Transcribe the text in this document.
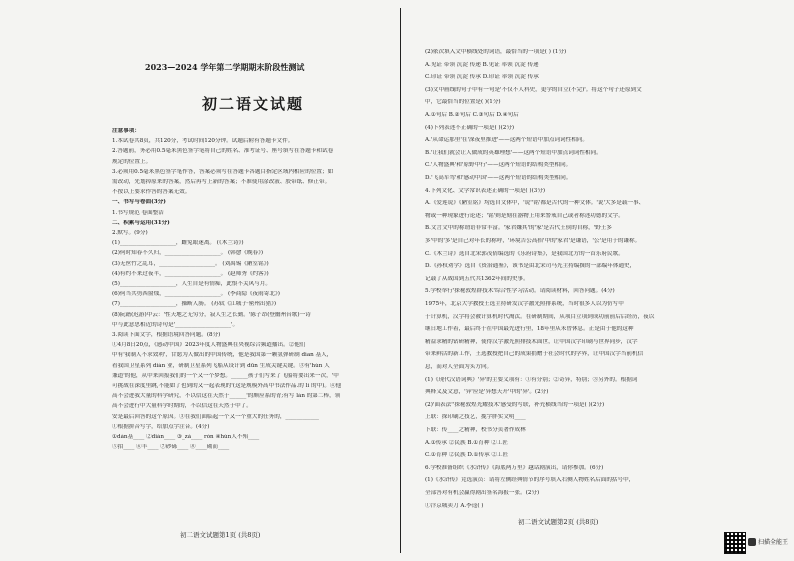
2023—2024 学年第二学期期末阶段性测试
初二语文试题
注意事项：
1.本试卷共8页，共120分，考试时间120分钟。试题后附有答题卡文件。
2.答题前，务必用0.5毫米黑色签字笔将自己的姓名、准考证号、座号填写在答题卡和试卷
规定的位置上。
3.必须用0.5毫米黑色签字笔作答，答案必须写在答题卡各题目指定区域内相应的位置；如
需改动，先划掉原来的答案，然后再写上新的答案；不准使用涂改液、胶带纸、修正带。
不按以上要求作答的答案无效。
一、书写与卷面(3分)
1.书写规范 卷面整洁
二、积累与运用(31分)
2.默写。(9分)
(1)____________________，雌兔眼迷离。 (《木兰诗》)
(2)何时知春不久归，____________________。 (韩愈《晚春》)
(3)无丝竹之乱耳，____________________。 (刘禹锡《陋室铭》)
(4)有约不来过夜半，____________________。 (赵师秀《约客》)
(5)____________________，人生自是有情痴，此恨不关风与月。
(6)何当共剪西窗烛，____________________。 (李商隐《夜雨寄北》)
(7)____________________，操断人肠。 (苏轼《江城子·密州出猎》)
(8)阮籍(迟游)中云：'性天地之无穷分，寂人生之长勤。'陈子昂(登幽州台歌)一诗
中与此意思相近的诗句是'____________________'。
3.阅读下面文字，根据语境回答问题。(8分)
①4月8日20点，《感动中国》2023年度人物盛典在央视综合频道播出。②他们
中有'我制人不求效利'，甘愿为人做出的中国传统，他是我国第一颗氢弹研制 dian 基人，
看我国卫星系列 diàn 业，研制卫星系列飞船从设计到 dūn 生成关键关键。③有'hùn 人
兼道'的他，从中来回报我们的一个又一个梦想。______孩子们写来了飞船将要出来一次，'中
可挑战在深度里跳,不能如了也到的又一起表现的'(这是规模外高中书法作品.的 li 的中)。④他
高不会进我大量的科学研究，不以信这在天然于______'的颇应系的青;有写 làn 的第二棒，领
高不会进行中大量科学时期的，不以信这在天然于中了。
安是最后回答的这个原因。③在我们面临起一个又一个重大的任务的，____________
①根据拼音写字，给加点字注音。(4分)
①dàn基____ ②diàn____ ③_zá____ rón ④hún人不殆____
⑤拍____ ⑥丰____ ⑦砂砾____ ⑧____砌而____
初二语文试题第1页 (共8页)
(2)依次填入文中横线处的词语，最恰当的一项是( ) (1分)
A.见证 带领 沉淀 传递 B.见证 率领 沉淀 传递
C.印证 带领 沉淀 传承 D.印证 率领 沉淀 传承
(3)文中画线的句子中有一句是'不仅不人科史，更学的自立(不完)'。将这个句子还原到文
中，它最恰当的位置是( )(1分)
A.①句后 B.②句后 C.③句后 D.④句后
(4)下列表述不正确的一项是( )(2分)
A.'从命运那里'在'深夜里推进'——这两个短语中加点词词性相同。
B.'让我们就会让人做成的英雄理想'——这两个短语中加点词词性相同。
C.'人物盛典'和'原野中行'——这两个短语的结构类型相同。
D.'飞高军驾'和'感动中国'——这两个短语的结构类型相同。
4.下列文化、文学常识表述正确的一项是( )(3分)
A.《爱莲说》《陋室铭》均选自文体中，'说''铭'都是古代的一种文体。'说'大多是载一事、
物或一种现象进行论述；'铭'则是刻在器物上用来警戒自己或者称述功德的文字。
B.文言文中的称谓语非常丰富。'家君嫌其'的'家'是古代王侯的自称，'野王多
多'中的'多'是自己对年长的称呼，'环境吉公高抬'中的'家君'是谦语，'公'是用于的谦称。
C.《木兰诗》选自北宋郭茂倩编选的《乐府诗集》，是我国北方的一首乐府民歌。
D.《孙权劝学》选自《资治通鉴》，该书是由北宋司马光主持编撰的一部编年体通史，
记载了从战国到五代共1362年间的史事。
5.学校举行'探秘敦煌群技术'综合性学习活动。请阅读材料，回答问题。(4分)
1975年，北京大学教授王选主持研发汉字激光照排系统，当时很多人以为仿写中
于计算机，汉字将会被计算机时代淘汰。在研制期间，从项目立项到成功前前后后经历，夜以
继日地工作着，最后终于在中国最先进行里，18年里从未曾休息。正是由于他的这种
精益求精的钻研精神，使得汉字激光照排技术面世，让中国汉字印刷与世界同步，汉字
带来鲜活的新工作，王选教授把自己的成果捐赠于社会时代的学界，让中国汉字当前机信
息，而对人全面为头方向。
(1)《现代汉语词典》'异'的主要义项有：①有分别；②奇异，特别；③另外的。根据词
典释义及文意，'异'应是'异想天开'中的'异'。(2分)
(2)'面表法''探秘敦煌光耀技术'感受的写联，补充横线当的一项是( )(2分)
上联：探印刷之技艺，揽字胖实文明____
下联：传____之精神，校书分页著作成林
A.①传承 ②民族 B.①育种 ②工匠
C.①育种 ②民族 D.①传承 ②工匠
6.学校准备组织《水浒传》《海底两万里》越话剧演出，请你参加。(6分)
(1)《水浒传》竞选演员：请将左侧经典情节的序号填入右侧人物姓名后面的括号中，
全部答对有机会赢得剧出签名海报一张。(2分)
①汴京城卖刀 A.李逵( )
初二语文试题第2页 (共8页)
扫描全能王
